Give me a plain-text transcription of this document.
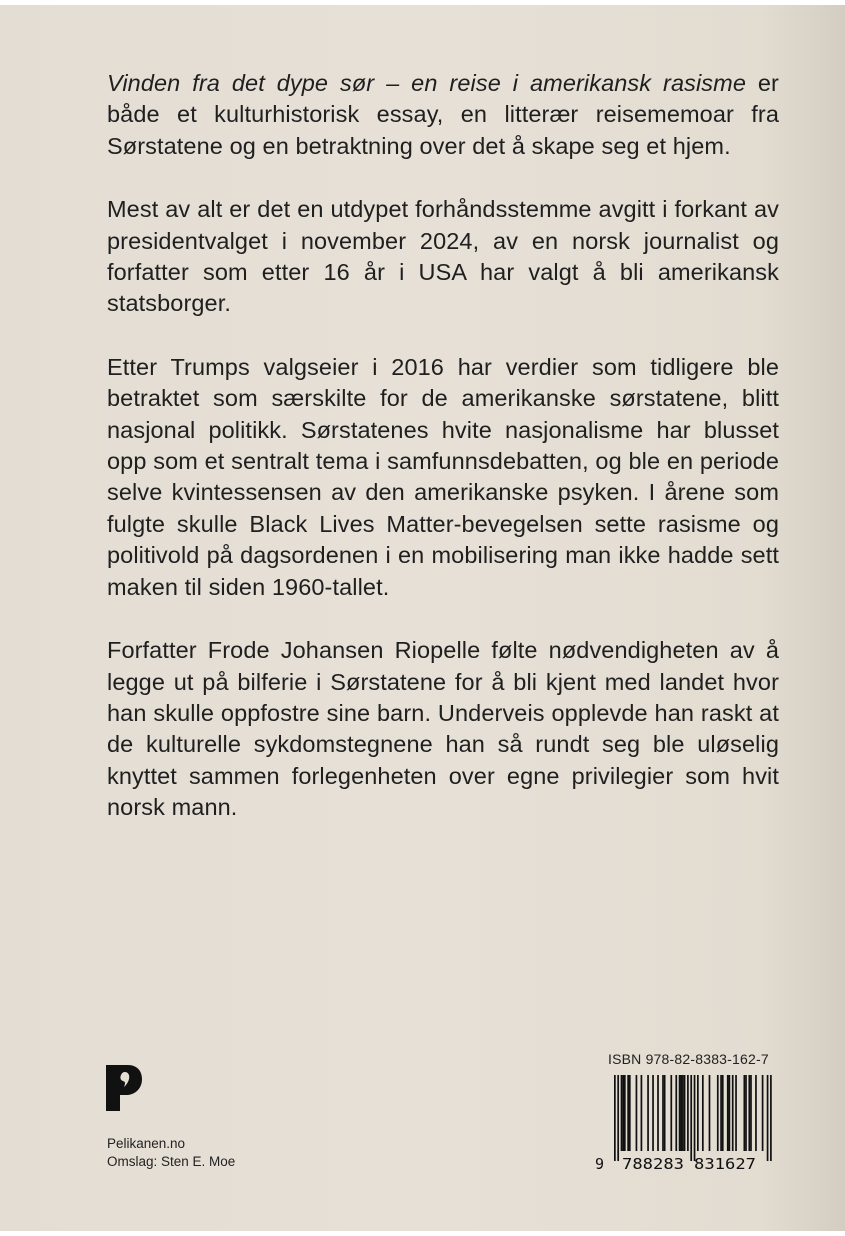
Vinden fra det dype sør – en reise i amerikansk rasisme er både et kulturhistorisk essay, en litterær reisememoar fra Sørstatene og en betraktning over det å skape seg et hjem.

Mest av alt er det en utdypet forhåndsstemme avgitt i forkant av presidentvalget i november 2024, av en norsk journalist og forfatter som etter 16 år i USA har valgt å bli amerikansk statsborger.

Etter Trumps valgseier i 2016 har verdier som tidligere ble betraktet som særskilte for de amerikanske sørstatene, blitt nasjonal politikk. Sørstatenes hvite nasjonalisme har blusset opp som et sentralt tema i samfunnsdebatten, og ble en periode selve kvintessensen av den amerikanske psyken. I årene som fulgte skulle Black Lives Matter-bevegelsen sette rasisme og politivold på dagsordenen i en mobilisering man ikke hadde sett maken til siden 1960-tallet.

Forfatter Frode Johansen Riopelle følte nødvendigheten av å legge ut på bilferie i Sørstatene for å bli kjent med landet hvor han skulle oppfostre sine barn. Underveis opplevde han raskt at de kulturelle sykdomstegnene han så rundt seg ble uløselig knyttet sammen forlegenheten over egne privilegier som hvit norsk mann.

Pelikanen.no
Omslag: Sten E. Moe
ISBN 978-82-8383-162-7
9 788283 831627
